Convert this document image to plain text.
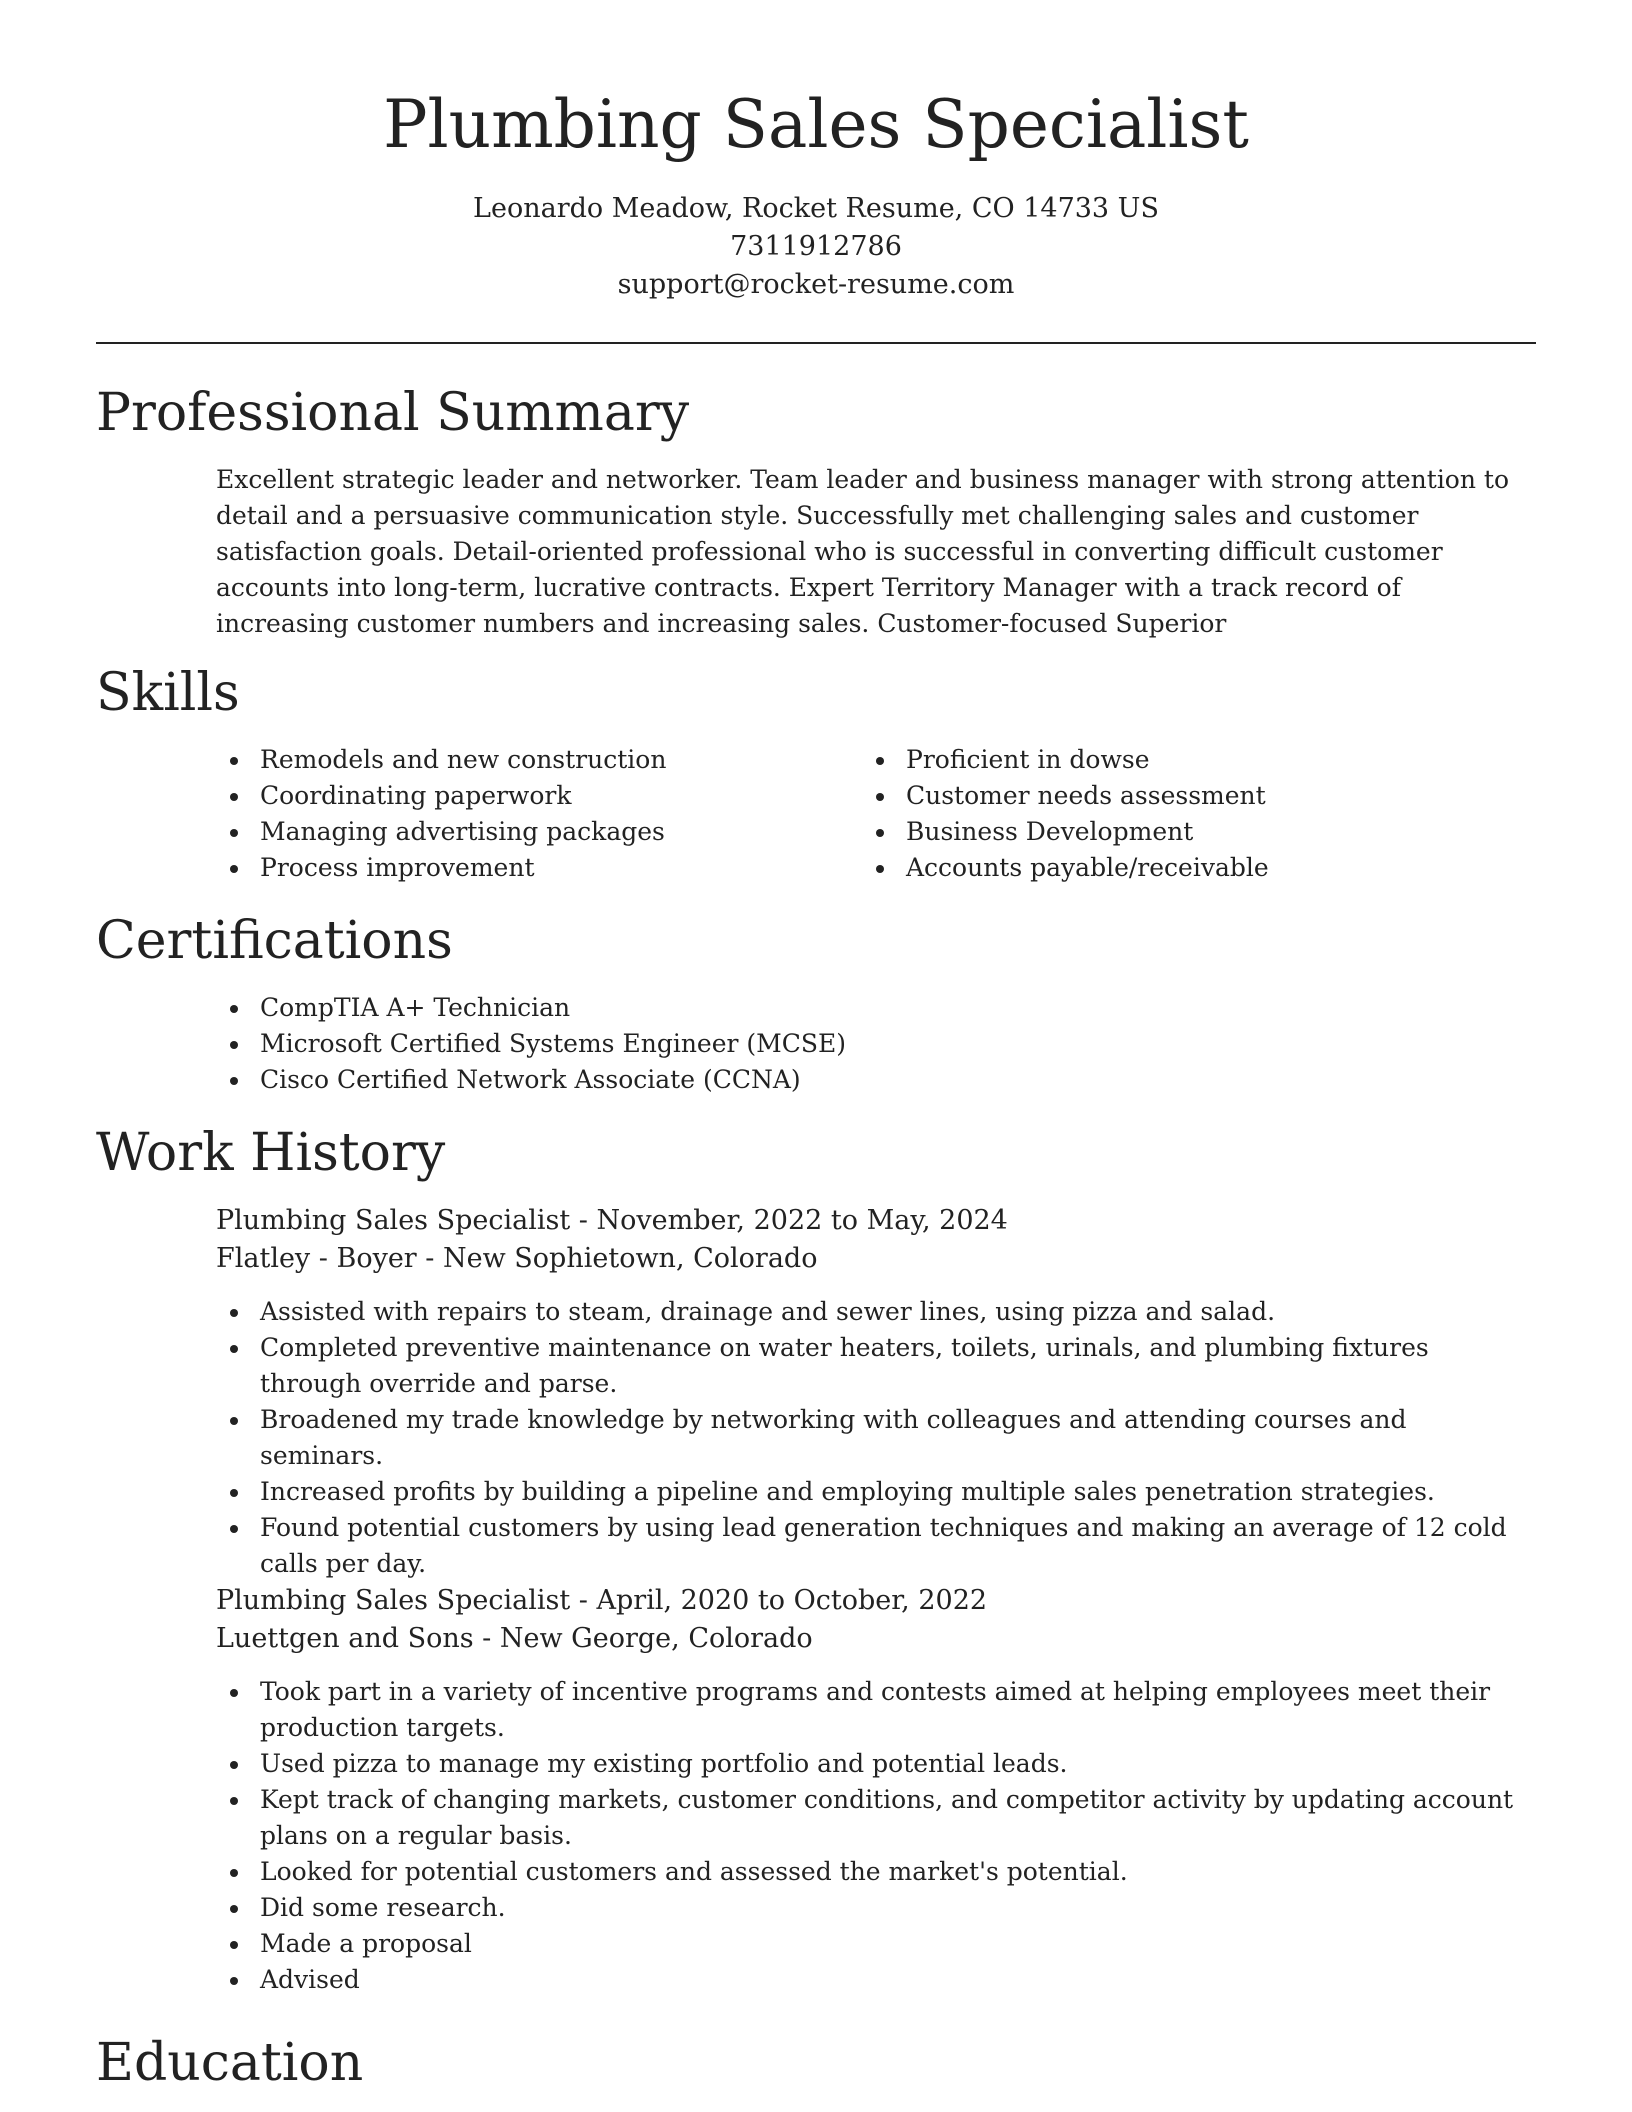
Plumbing Sales Specialist
Leonardo Meadow, Rocket Resume, CO 14733 US
7311912786
support@rocket-resume.com
Professional Summary
Excellent strategic leader and networker. Team leader and business manager with strong attention to detail and a persuasive communication style. Successfully met challenging sales and customer satisfaction goals. Detail-oriented professional who is successful in converting difficult customer accounts into long-term, lucrative contracts. Expert Territory Manager with a track record of increasing customer numbers and increasing sales. Customer-focused Superior
Skills
Remodels and new construction
Coordinating paperwork
Managing advertising packages
Process improvement
Proficient in dowse
Customer needs assessment
Business Development
Accounts payable/receivable
Certifications
CompTIA A+ Technician
Microsoft Certified Systems Engineer (MCSE)
Cisco Certified Network Associate (CCNA)
Work History
Plumbing Sales Specialist - November, 2022 to May, 2024
Flatley - Boyer - New Sophietown, Colorado
Assisted with repairs to steam, drainage and sewer lines, using pizza and salad.
Completed preventive maintenance on water heaters, toilets, urinals, and plumbing fixtures through override and parse.
Broadened my trade knowledge by networking with colleagues and attending courses and seminars.
Increased profits by building a pipeline and employing multiple sales penetration strategies.
Found potential customers by using lead generation techniques and making an average of 12 cold calls per day.
Plumbing Sales Specialist - April, 2020 to October, 2022
Luettgen and Sons - New George, Colorado
Took part in a variety of incentive programs and contests aimed at helping employees meet their production targets.
Used pizza to manage my existing portfolio and potential leads.
Kept track of changing markets, customer conditions, and competitor activity by updating account plans on a regular basis.
Looked for potential customers and assessed the market's potential.
Did some research.
Made a proposal
Advised
Education
